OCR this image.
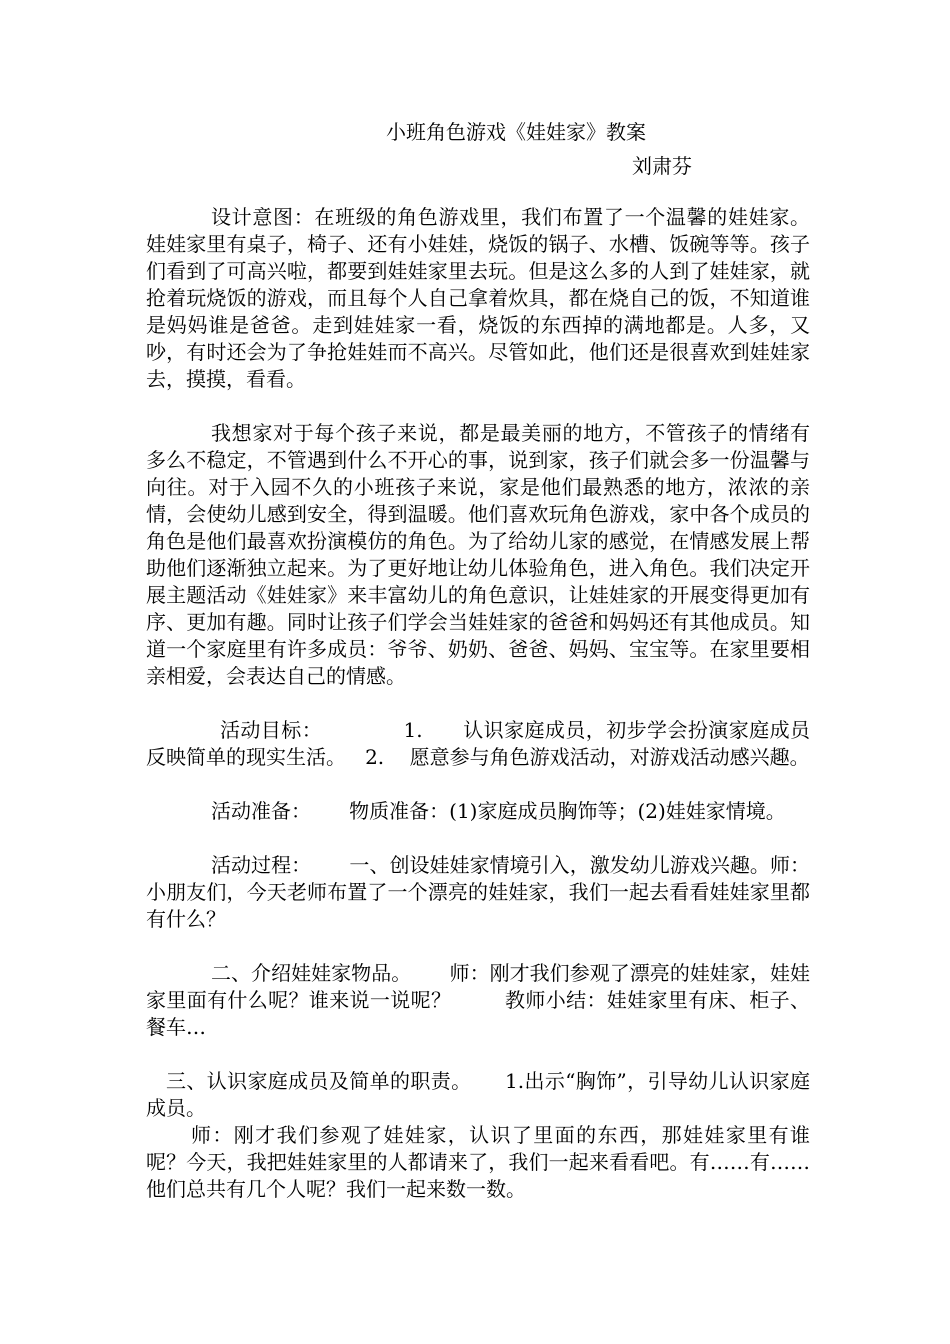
小班角色游戏《娃娃家》教案
刘肃芬

设计意图：在班级的角色游戏里，我们布置了一个温馨的娃娃家。娃娃家里有桌子，椅子、还有小娃娃，烧饭的锅子、水槽、饭碗等等。孩子们看到了可高兴啦，都要到娃娃家里去玩。但是这么多的人到了娃娃家，就抢着玩烧饭的游戏，而且每个人自己拿着炊具，都在烧自己的饭，不知道谁是妈妈谁是爸爸。走到娃娃家一看，烧饭的东西掉的满地都是。人多，又吵，有时还会为了争抢娃娃而不高兴。尽管如此，他们还是很喜欢到娃娃家去，摸摸，看看。

我想家对于每个孩子来说，都是最美丽的地方，不管孩子的情绪有多么不稳定，不管遇到什么不开心的事，说到家，孩子们就会多一份温馨与向往。对于入园不久的小班孩子来说，家是他们最熟悉的地方，浓浓的亲情，会使幼儿感到安全，得到温暖。他们喜欢玩角色游戏，家中各个成员的角色是他们最喜欢扮演模仿的角色。为了给幼儿家的感觉，在情感发展上帮助他们逐渐独立起来。为了更好地让幼儿体验角色，进入角色。我们决定开展主题活动《娃娃家》来丰富幼儿的角色意识，让娃娃家的开展变得更加有序、更加有趣。同时让孩子们学会当娃娃家的爸爸和妈妈还有其他成员。知道一个家庭里有许多成员：爷爷、奶奶、爸爸、妈妈、宝宝等。在家里要相亲相爱，会表达自己的情感。

活动目标：            1.      认识家庭成员，初步学会扮演家庭成员反映简单的现实生活。   2.    愿意参与角色游戏活动，对游戏活动感兴趣。

活动准备：      物质准备：(1)家庭成员胸饰等；(2)娃娃家情境。

活动过程：      一、创设娃娃家情境引入，激发幼儿游戏兴趣。师：小朋友们，今天老师布置了一个漂亮的娃娃家，我们一起去看看娃娃家里都有什么？

二、介绍娃娃家物品。      师：刚才我们参观了漂亮的娃娃家，娃娃家里面有什么呢？谁来说一说呢？        教师小结：娃娃家里有床、柜子、餐车…

三、认识家庭成员及简单的职责。     1.出示“胸饰”，引导幼儿认识家庭成员。

师：刚才我们参观了娃娃家，认识了里面的东西，那娃娃家里有谁呢？今天，我把娃娃家里的人都请来了，我们一起来看看吧。有……有……他们总共有几个人呢？我们一起来数一数。
